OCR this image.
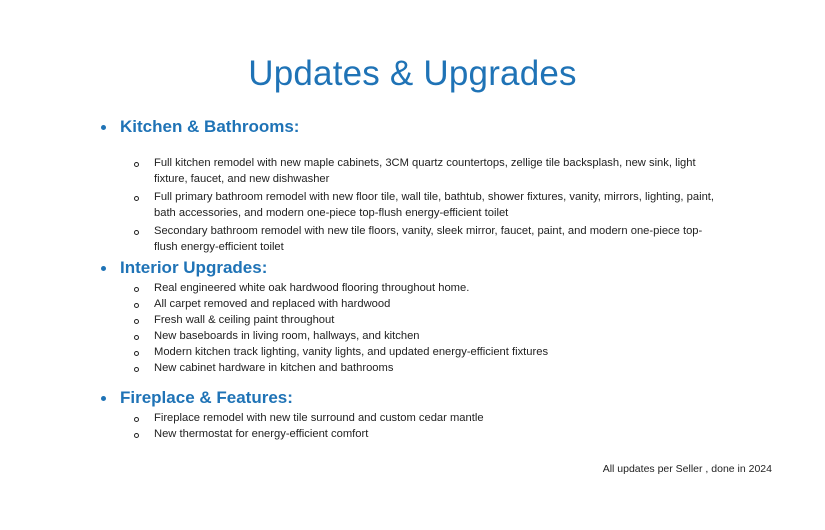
Updates & Upgrades
Kitchen & Bathrooms:
Full kitchen remodel with new maple cabinets, 3CM quartz countertops, zellige tile backsplash, new sink, light fixture, faucet, and new dishwasher
Full primary bathroom remodel with new floor tile, wall tile, bathtub, shower fixtures, vanity, mirrors, lighting, paint, bath accessories, and modern one-piece top-flush energy-efficient toilet
Secondary bathroom remodel with new tile floors, vanity, sleek mirror, faucet, paint, and modern one-piece top-flush energy-efficient toilet
Interior Upgrades:
Real engineered white oak hardwood flooring throughout home.
All carpet removed and replaced with hardwood
Fresh wall & ceiling paint throughout
New baseboards in living room, hallways, and kitchen
Modern kitchen track lighting, vanity lights, and updated energy-efficient fixtures
New cabinet hardware in kitchen and bathrooms
Fireplace & Features:
Fireplace remodel with new tile surround and custom cedar mantle
New thermostat for energy-efficient comfort
All updates per Seller , done in 2024
